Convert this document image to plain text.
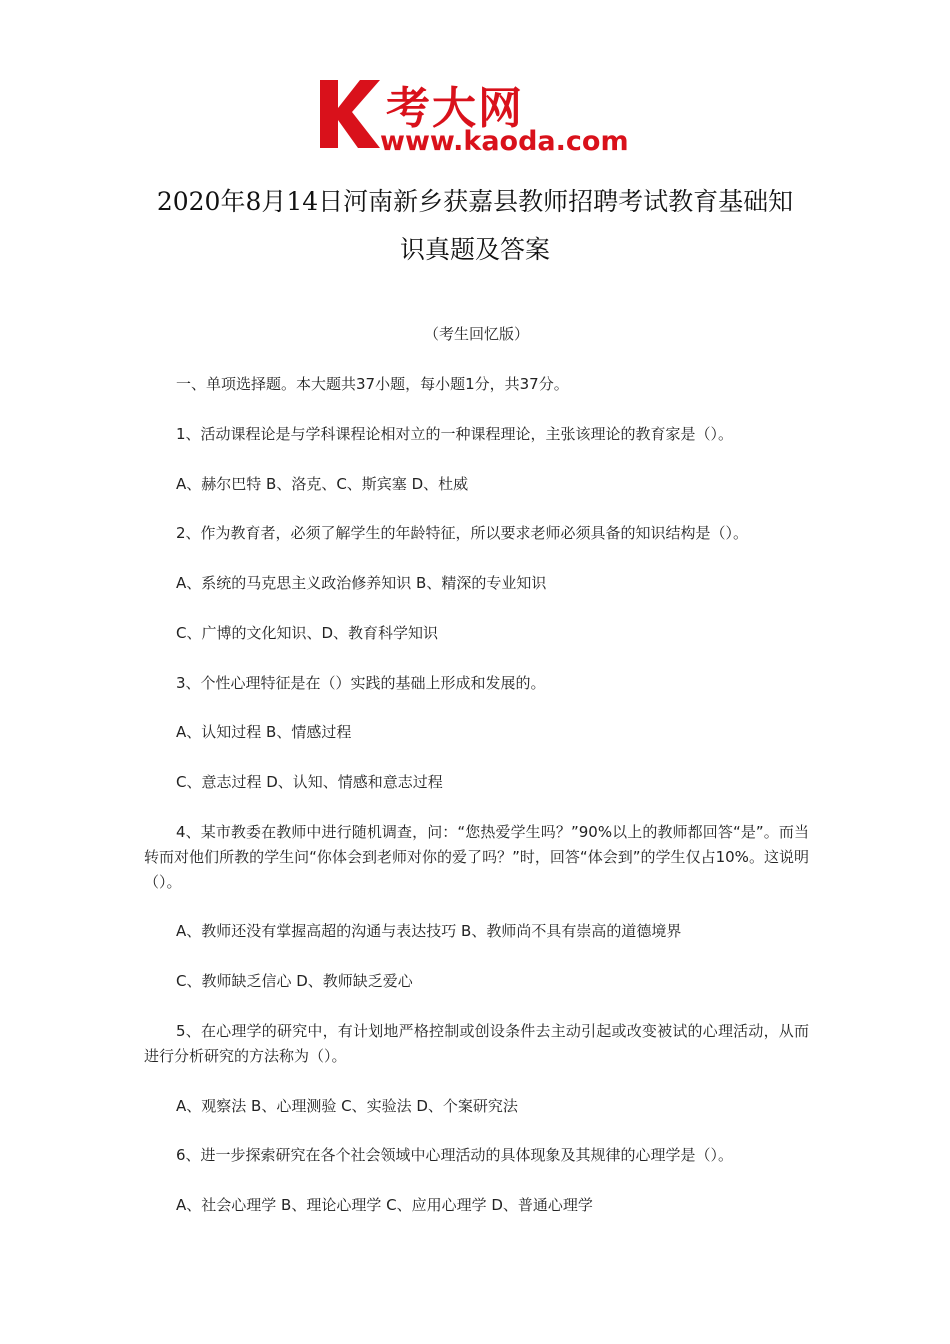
考大网
www.kaoda.com
2020年8月14日河南新乡获嘉县教师招聘考试教育基础知
识真题及答案
（考生回忆版）
一、单项选择题。本大题共37小题，每小题1分，共37分。
1、活动课程论是与学科课程论相对立的一种课程理论，主张该理论的教育家是（）。
A、赫尔巴特 B、洛克、C、斯宾塞 D、杜威
2、作为教育者，必须了解学生的年龄特征，所以要求老师必须具备的知识结构是（）。
A、系统的马克思主义政治修养知识 B、精深的专业知识
C、广博的文化知识、D、教育科学知识
3、个性心理特征是在（）实践的基础上形成和发展的。
A、认知过程 B、情感过程
C、意志过程 D、认知、情感和意志过程
4、某市教委在教师中进行随机调查，问：“您热爱学生吗？”90%以上的教师都回答“是”。而当转而对他们所教的学生问“你体会到老师对你的爱了吗？”时，回答“体会到”的学生仅占10%。这说明（）。
A、教师还没有掌握高超的沟通与表达技巧 B、教师尚不具有崇高的道德境界
C、教师缺乏信心 D、教师缺乏爱心
5、在心理学的研究中，有计划地严格控制或创设条件去主动引起或改变被试的心理活动，从而进行分析研究的方法称为（）。
A、观察法 B、心理测验 C、实验法 D、个案研究法
6、进一步探索研究在各个社会领域中心理活动的具体现象及其规律的心理学是（）。
A、社会心理学 B、理论心理学 C、应用心理学 D、普通心理学
